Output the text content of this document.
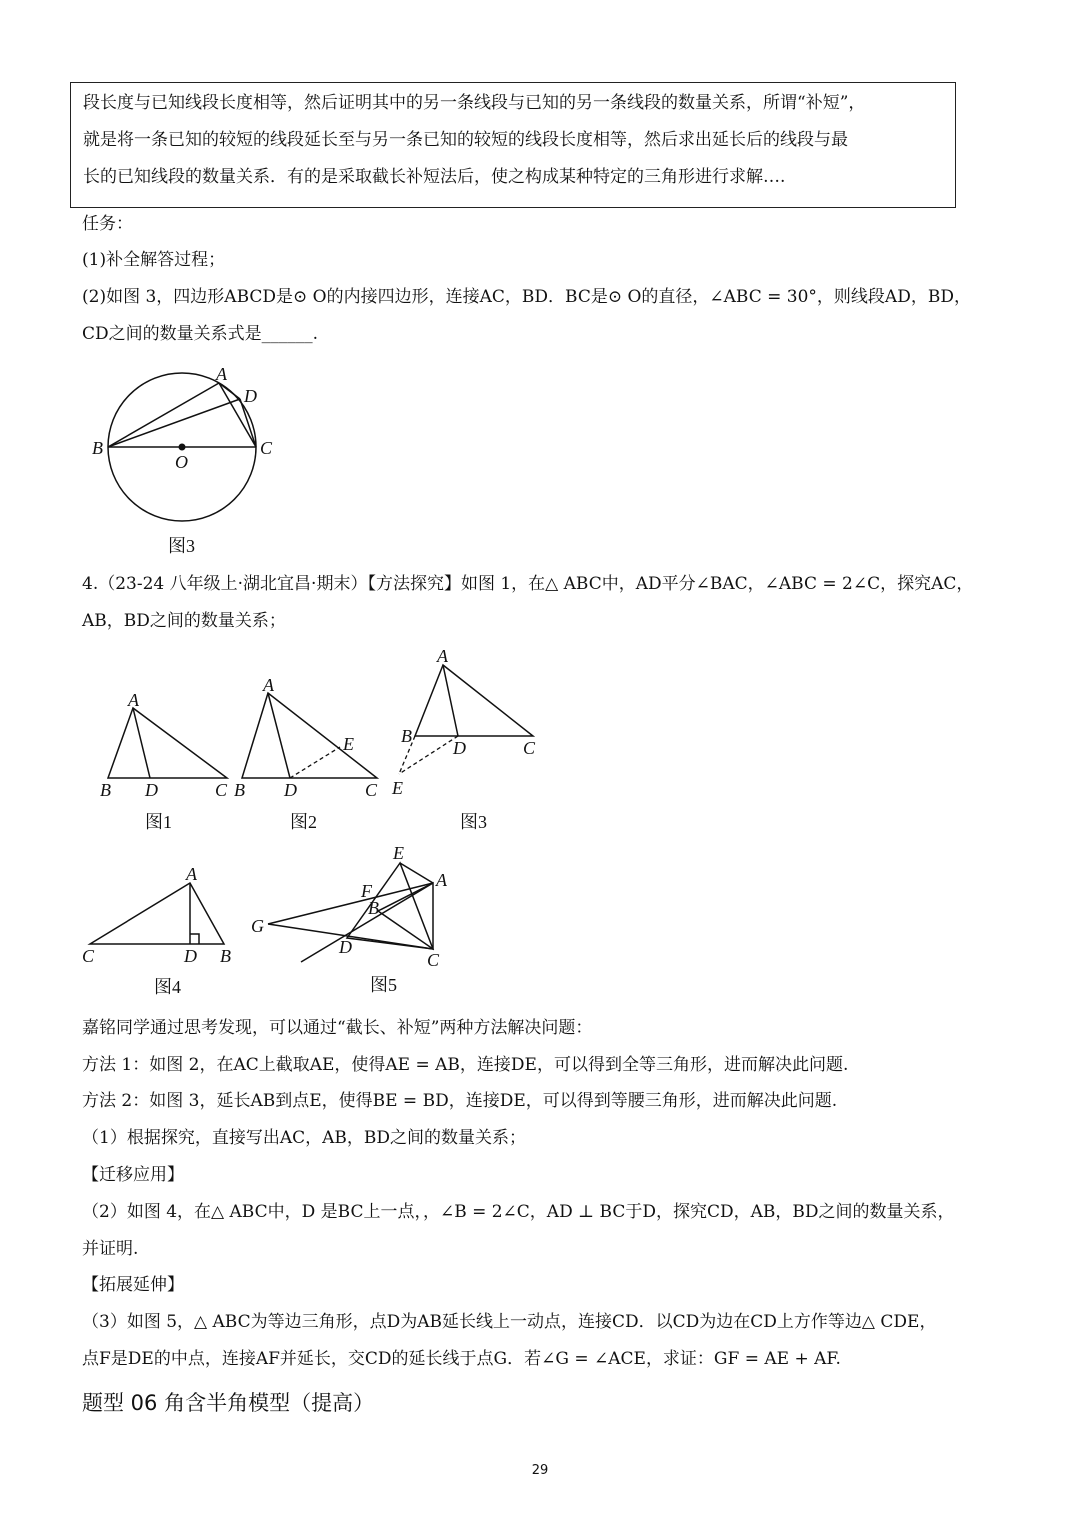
段长度与已知线段长度相等，然后证明其中的另一条线段与已知的另一条线段的数量关系，所谓“补短”，
就是将一条已知的较短的线段延长至与另一条已知的较短的线段长度相等，然后求出延长后的线段与最
长的已知线段的数量关系．有的是采取截长补短法后，使之构成某种特定的三角形进行求解….
任务：
(1)补全解答过程；
(2)如图 3，四边形ABCD是⊙ O的内接四边形，连接AC，BD．BC是⊙ O的直径，∠ABC = 30°，则线段AD，BD，
CD之间的数量关系式是______.
A
D
B
O
C
图3
4.（23-24 八年级上·湖北宜昌·期末）【方法探究】如图 1，在△ ABC中，AD平分∠BAC，∠ABC = 2∠C，探究AC，
AB，BD之间的数量关系；
A
B D	C
图1
A
E
B D	C
图2
A
B
D	C
E
图3
A
C	D B
图4
E
A
F
B
G
D
C
图5
嘉铭同学通过思考发现，可以通过“截长、补短”两种方法解决问题：
方法 1：如图 2，在AC上截取AE，使得AE = AB，连接DE，可以得到全等三角形，进而解决此问题.
方法 2：如图 3，延长AB到点E，使得BE = BD，连接DE，可以得到等腰三角形，进而解决此问题.
（1）根据探究，直接写出AC，AB，BD之间的数量关系；
【迁移应用】
（2）如图 4，在△ ABC中，D 是BC上一点，，∠B = 2∠C，AD ⊥ BC于D，探究CD，AB，BD之间的数量关系，
并证明.
【拓展延伸】
（3）如图 5，△ ABC为等边三角形，点D为AB延长线上一动点，连接CD．以CD为边在CD上方作等边△ CDE，
点F是DE的中点，连接AF并延长，交CD的延长线于点G．若∠G = ∠ACE，求证：GF = AE + AF.
题型 06 角含半角模型（提高）
29
